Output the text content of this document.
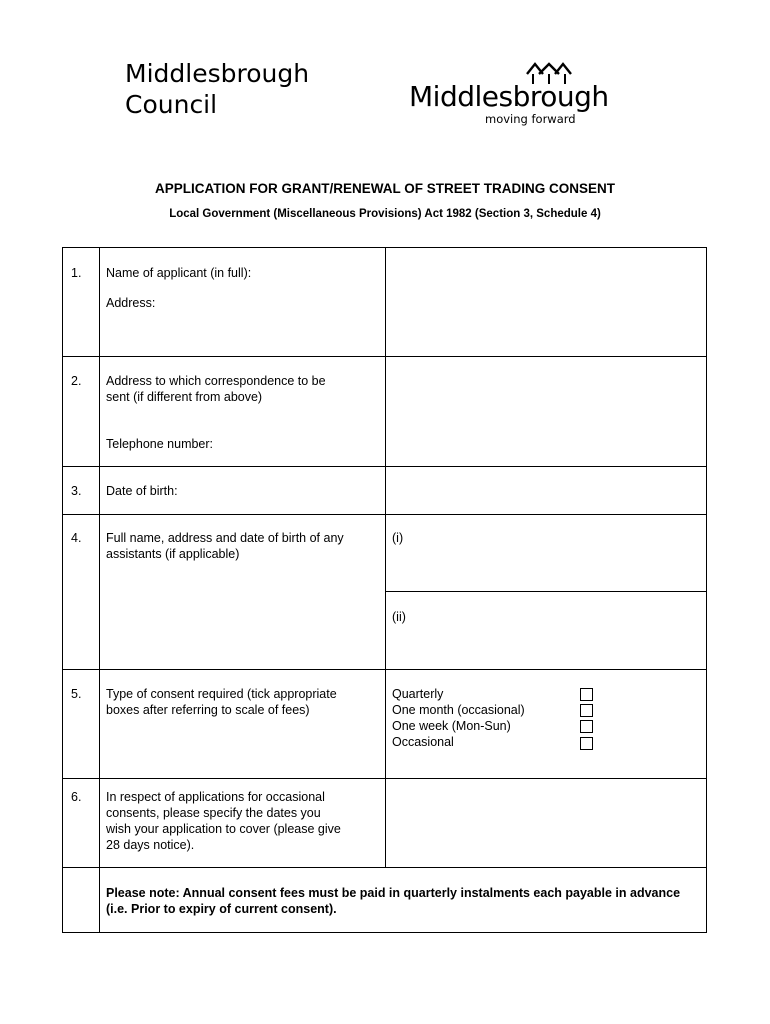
Middlesbrough
Council	Middlesbrough
moving forward
APPLICATION FOR GRANT/RENEWAL OF STREET TRADING CONSENT
Local Government (Miscellaneous Provisions) Act 1982 (Section 3, Schedule 4)
1. Name of applicant (in full):
Address:
2. Address to which correspondence to be
sent (if different from above)
Telephone number:
3. Date of birth:
4. Full name, address and date of birth of any
assistants (if applicable)
(i)
(ii)
5. Type of consent required (tick appropriate
boxes after referring to scale of fees)
Quarterly
One month (occasional)
One week (Mon-Sun)
Occasional
6. In respect of applications for occasional
consents, please specify the dates you
wish your application to cover (please give
28 days notice).
Please note: Annual consent fees must be paid in quarterly instalments each payable in advance (i.e. Prior to expiry of current consent).
